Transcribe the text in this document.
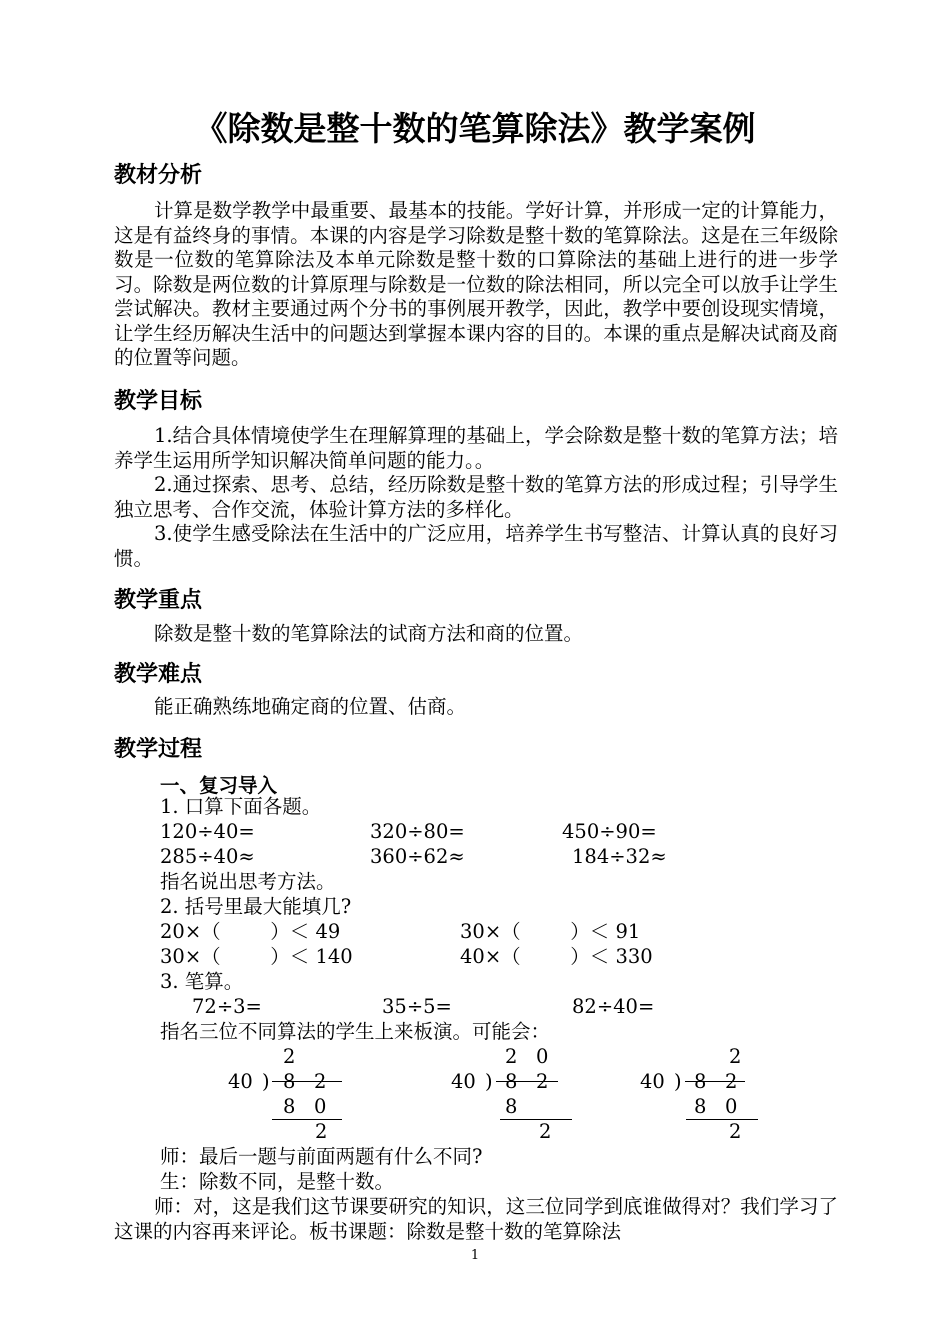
《除数是整十数的笔算除法》教学案例
教材分析
计算是数学教学中最重要、最基本的技能。学好计算，并形成一定的计算能力，这是有益终身的事情。本课的内容是学习除数是整十数的笔算除法。这是在三年级除数是一位数的笔算除法及本单元除数是整十数的口算除法的基础上进行的进一步学习。除数是两位数的计算原理与除数是一位数的除法相同，所以完全可以放手让学生尝试解决。教材主要通过两个分书的事例展开教学，因此，教学中要创设现实情境，让学生经历解决生活中的问题达到掌握本课内容的目的。本课的重点是解决试商及商的位置等问题。
教学目标
1.结合具体情境使学生在理解算理的基础上，学会除数是整十数的笔算方法；培养学生运用所学知识解决简单问题的能力。。
2.通过探索、思考、总结，经历除数是整十数的笔算方法的形成过程；引导学生独立思考、合作交流，体验计算方法的多样化。
3.使学生感受除法在生活中的广泛应用，培养学生书写整洁、计算认真的良好习惯。
教学重点
除数是整十数的笔算除法的试商方法和商的位置。
教学难点
能正确熟练地确定商的位置、估商。
教学过程
一、复习导入
1. 口算下面各题。
120÷40=	320÷80=	450÷90=
285÷40≈	360÷62≈	184÷32≈
指名说出思考方法。
2. 括号里最大能填几?
20×（        ）＜ 49	30×（        ）＜ 91
30×（        ）＜ 140	40×（        ）＜ 330
3. 笔算。
72÷3=	35÷5=	82÷40=
指名三位不同算法的学生上来板演。可能会：
2
40 ) 8   2
8   0
2
2   0
40 ) 8   2
8
2
2
40 ) 8   2
8   0
2
师：最后一题与前面两题有什么不同?
生：除数不同，是整十数。
师：对，这是我们这节课要研究的知识，这三位同学到底谁做得对？我们学习了这课的内容再来评论。板书课题：除数是整十数的笔算除法
1
